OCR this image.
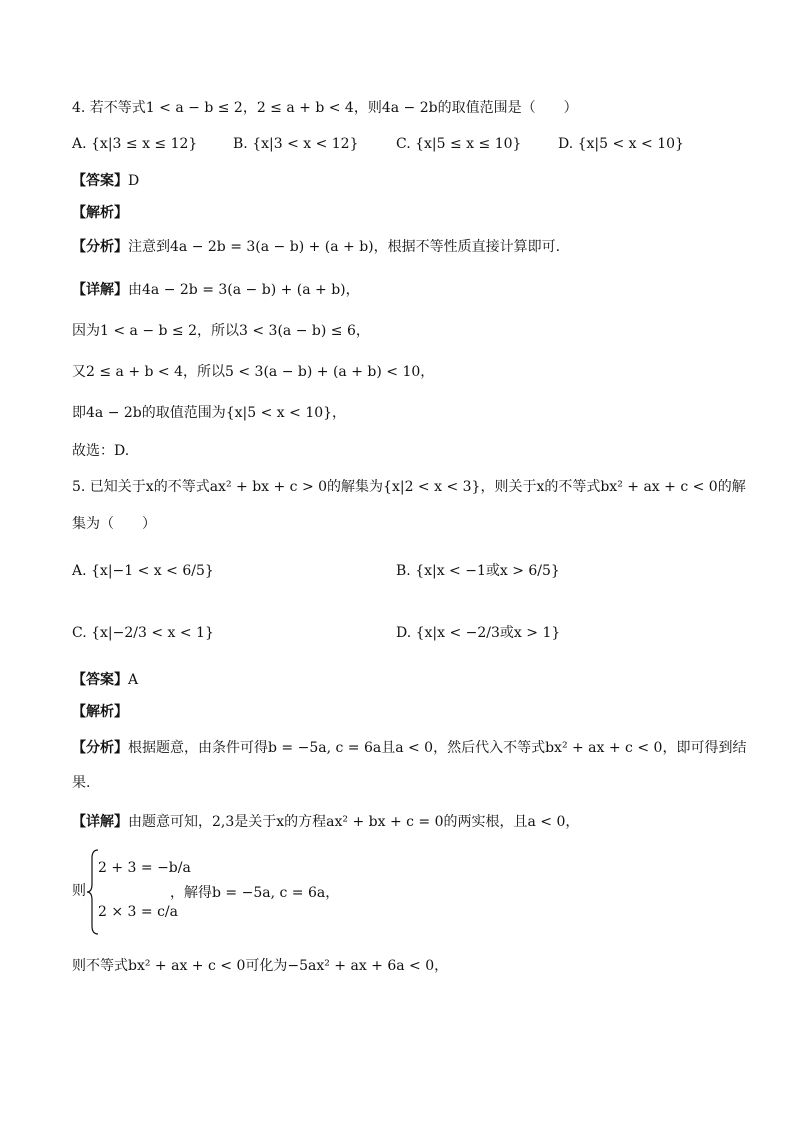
4. 若不等式1 < a − b ≤ 2，2 ≤ a + b < 4，则4a − 2b的取值范围是（　　）
A. {x|3 ≤ x ≤ 12}	B. {x|3 < x < 12}	C. {x|5 ≤ x ≤ 10}	D. {x|5 < x < 10}
【答案】D
【解析】
【分析】注意到4a − 2b = 3(a − b) + (a + b)，根据不等性质直接计算即可.
【详解】由4a − 2b = 3(a − b) + (a + b)，
因为1 < a − b ≤ 2，所以3 < 3(a − b) ≤ 6，
又2 ≤ a + b < 4，所以5 < 3(a − b) + (a + b) < 10，
即4a − 2b的取值范围为{x|5 < x < 10}，
故选：D.
5. 已知关于x的不等式ax² + bx + c > 0的解集为{x|2 < x < 3}，则关于x的不等式bx² + ax + c < 0的解
集为（　　）
A. {x|−1 < x < 6/5}	B. {x|x < −1或x > 6/5}
C. {x|−2/3 < x < 1}	D. {x|x < −2/3或x > 1}
【答案】A
【解析】
【分析】根据题意，由条件可得b = −5a, c = 6a且a < 0，然后代入不等式bx² + ax + c < 0，即可得到结
果.
【详解】由题意可知，2,3是关于x的方程ax² + bx + c = 0的两实根，且a < 0，
则
2 + 3 = −b/a
2 × 3 = c/a
，解得b = −5a, c = 6a，
则不等式bx² + ax + c < 0可化为−5ax² + ax + 6a < 0，
